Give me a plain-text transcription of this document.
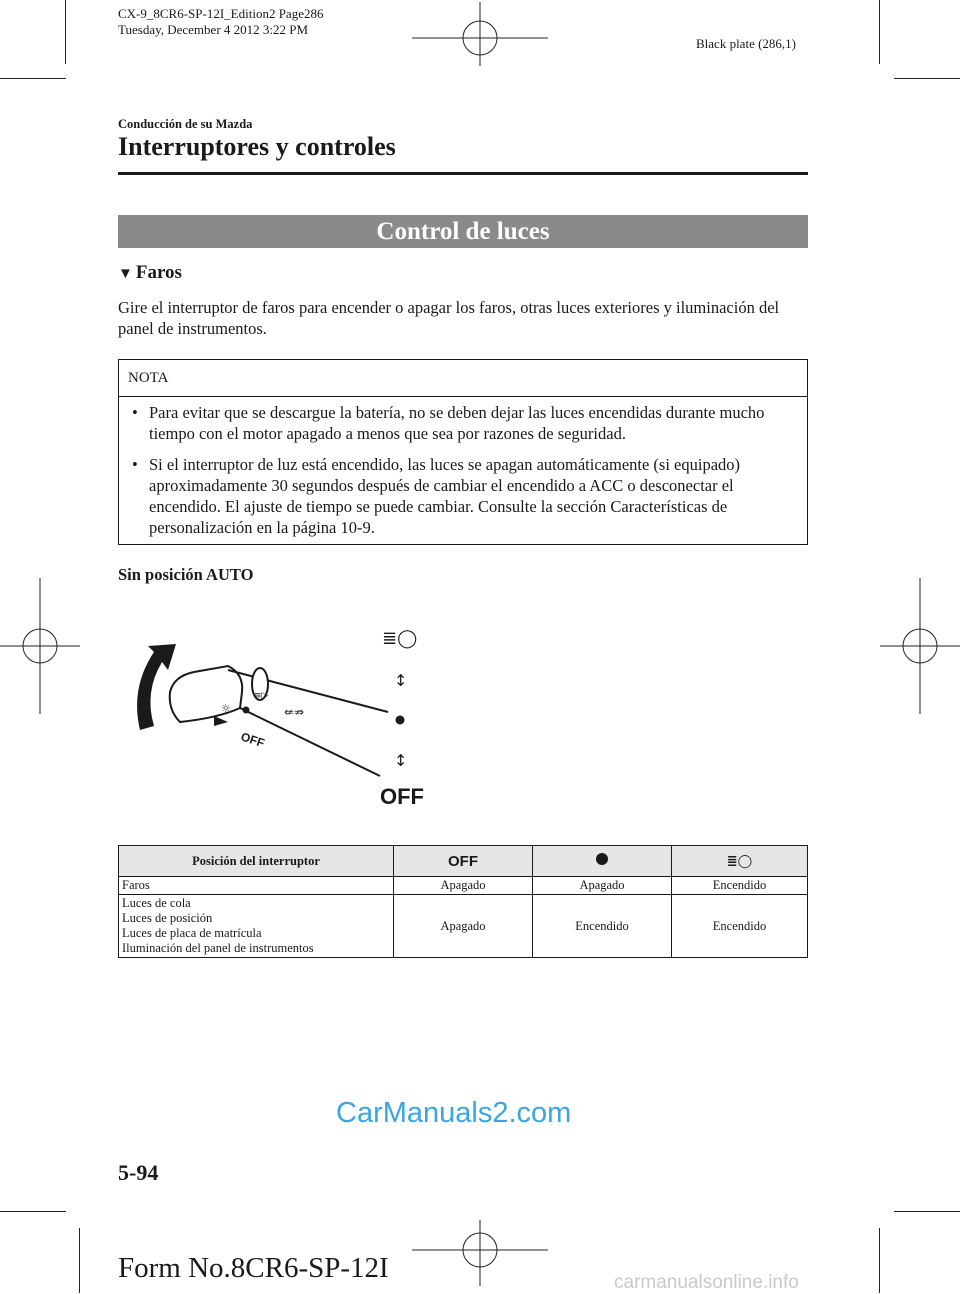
CX-9_8CR6-SP-12I_Edition2 Page286
Tuesday, December 4 2012 3:22 PM
Black plate (286,1)
Conducción de su Mazda
Interruptores y controles
Control de luces
▼ Faros
Gire el interruptor de faros para encender o apagar los faros, otras luces exteriores y iluminación del panel de instrumentos.
NOTA
• Para evitar que se descargue la batería, no se deben dejar las luces encendidas durante mucho tiempo con el motor apagado a menos que sea por razones de seguridad.
• Si el interruptor de luz está encendido, las luces se apagan automáticamente (si equipado) aproximadamente 30 segundos después de cambiar el encendido a ACC o desconectar el encendido. El ajuste de tiempo se puede cambiar. Consulte la sección Características de personalización en la página 10-9.
Sin posición AUTO
☼
≡▷
⇍⇏
OFF
≣◯
↕
↕
OFF
Posición del interruptor	OFF		≣◯
Faros	Apagado	Apagado	Encendido

Luces de cola
Luces de posición
Luces de placa de matrícula
Iluminación del panel de instrumentos	Apagado	Encendido	Encendido
CarManuals2.com
5-94
Form No.8CR6-SP-12I	carmanualsonline.info
